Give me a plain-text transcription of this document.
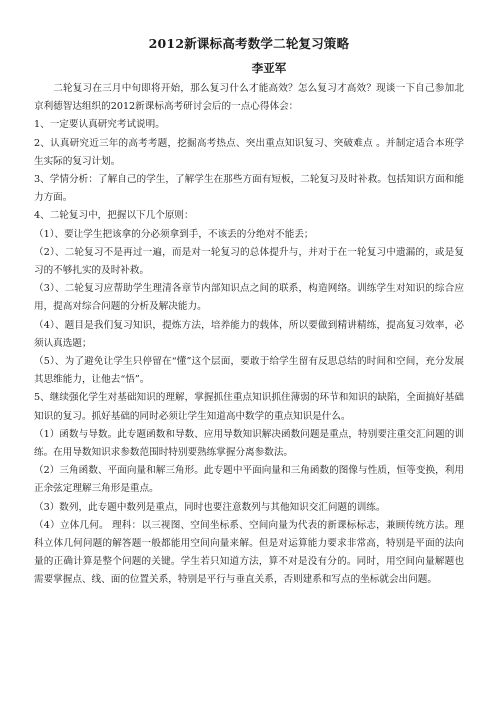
2012新课标高考数学二轮复习策略
李亚军

二轮复习在三月中旬即将开始，那么复习什么才能高效？怎么复习才高效？现谈一下自己参加北京利德智达组织的2012新课标高考研讨会后的一点心得体会：

1、一定要认真研究考试说明。

2、认真研究近三年的高考考题，挖掘高考热点、突出重点知识复习、突破难点 。并制定适合本班学生实际的复习计划。

3、学情分析：了解自己的学生，了解学生在那些方面有短板，二轮复习及时补救。包括知识方面和能力方面。

4、二轮复习中，把握以下几个原则：

（1）、要让学生把该拿的分必须拿到手，不该丢的分绝对不能丢；

（2）、二轮复习不是再过一遍，而是对一轮复习的总体提升与，并对于在一轮复习中遗漏的，或是复习的不够扎实的及时补救。

（3）、二轮复习应帮助学生理清各章节内部知识点之间的联系，构造网络。训练学生对知识的综合应用，提高对综合问题的分析及解决能力。

（4）、题目是我们复习知识，提炼方法，培养能力的载体，所以要做到精讲精练，提高复习效率，必须认真选题；

（5）、为了避免让学生只停留在“懂”这个层面，要敢于给学生留有反思总结的时间和空间，充分发展其思维能力，让他去“悟”。

5、继续强化学生对基础知识的理解，掌握抓住重点知识抓住薄弱的环节和知识的缺陷，全面搞好基础知识的复习。抓好基础的同时必须让学生知道高中数学的重点知识是什么。

（1）函数与导数。此专题函数和导数、应用导数知识解决函数问题是重点，特别要注重交汇问题的训练。在用导数知识求参数范围时特别要熟练掌握分离参数法。

（2）三角函数、平面向量和解三角形。此专题中平面向量和三角函数的图像与性质，恒等变换，利用正余弦定理解三角形是重点。

（3）数列，此专题中数列是重点，同时也要注意数列与其他知识交汇问题的训练。

（4）立体几何。 理科：以三视图、空间坐标系、空间向量为代表的新课标标志，兼顾传统方法。理科立体几何问题的解答题一般都能用空间向量来解。但是对运算能力要求非常高，特别是平面的法向量的正确计算是整个问题的关键。学生若只知道方法，算不对是没有分的。同时，用空间向量解题也需要掌握点、线、面的位置关系，特别是平行与垂直关系，否则建系和写点的坐标就会出问题。
